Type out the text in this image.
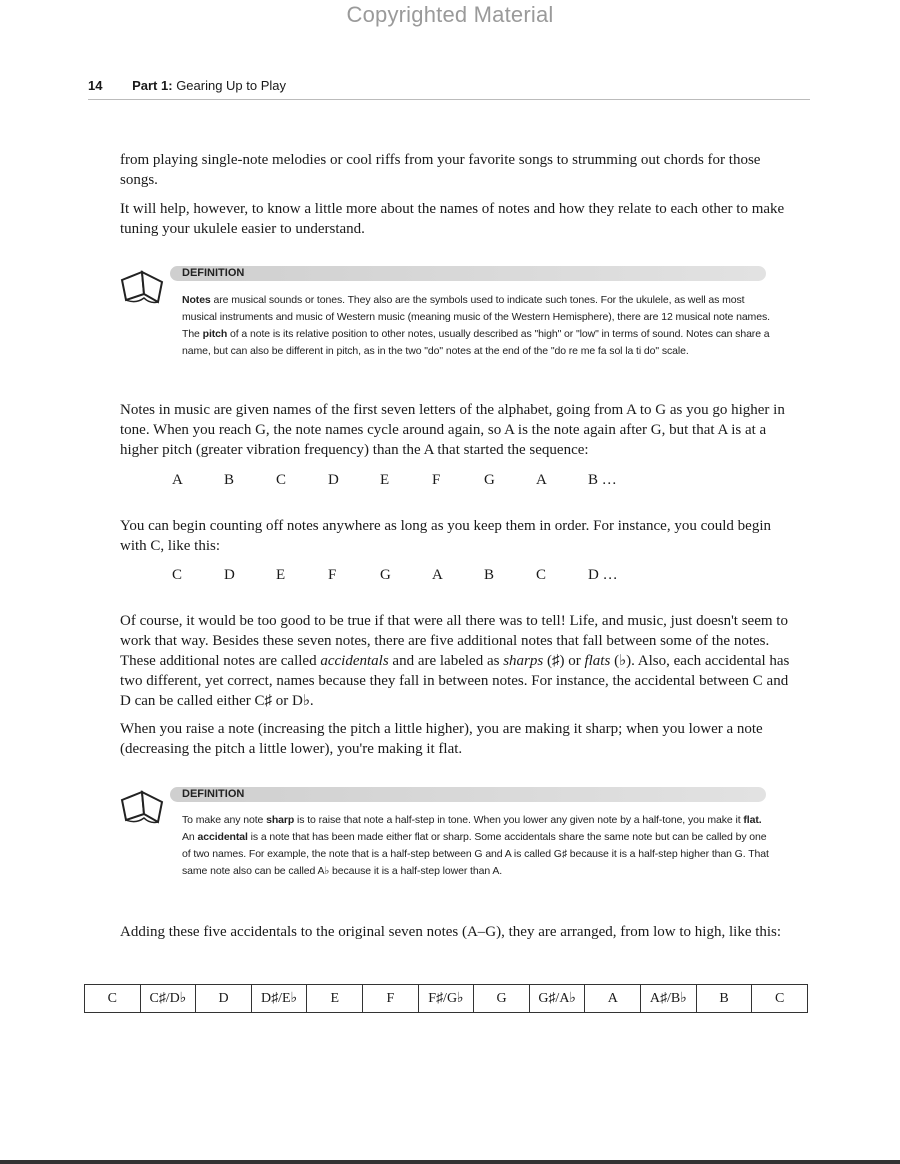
Copyrighted Material
14 Part 1: Gearing Up to Play

from playing single-note melodies or cool riffs from your favorite songs to strumming out chords for those songs.

It will help, however, to know a little more about the names of notes and how they relate to each other to make tuning your ukulele easier to understand.

DEFINITION

Notes are musical sounds or tones. They also are the symbols used to indicate such tones. For the ukulele, as well as most musical instruments and music of Western music (meaning music of the Western Hemisphere), there are 12 musical note names. The pitch of a note is its relative position to other notes, usually described as "high" or "low" in terms of sound. Notes can share a name, but can also be different in pitch, as in the two "do" notes at the end of the "do re me fa sol la ti do" scale.

Notes in music are given names of the first seven letters of the alphabet, going from A to G as you go higher in tone. When you reach G, the note names cycle around again, so A is the note again after G, but that A is at a higher pitch (greater vibration frequency) than the A that started the sequence:

A	B	C	D	E	F	G	A	B …

You can begin counting off notes anywhere as long as you keep them in order. For instance, you could begin with C, like this:

C	D	E	F	G	A	B	C	D …

Of course, it would be too good to be true if that were all there was to tell! Life, and music, just doesn't seem to work that way. Besides these seven notes, there are five additional notes that fall between some of the notes. These additional notes are called accidentals and are labeled as sharps (♯) or flats (♭). Also, each accidental has two different, yet correct, names because they fall in between notes. For instance, the accidental between C and D can be called either C♯ or D♭.

When you raise a note (increasing the pitch a little higher), you are making it sharp; when you lower a note (decreasing the pitch a little lower), you're making it flat.

DEFINITION

To make any note sharp is to raise that note a half-step in tone. When you lower any given note by a half-tone, you make it flat. An accidental is a note that has been made either flat or sharp. Some accidentals share the same note but can be called by one of two names. For example, the note that is a half-step between G and A is called G♯ because it is a half-step higher than G. That same note also can be called A♭ because it is a half-step lower than A.

Adding these five accidentals to the original seven notes (A–G), they are arranged, from low to high, like this:

C	C♯/D♭	D	D♯/E♭	E	F	F♯/G♭	G	G♯/A♭	A	A♯/B♭	B	C
